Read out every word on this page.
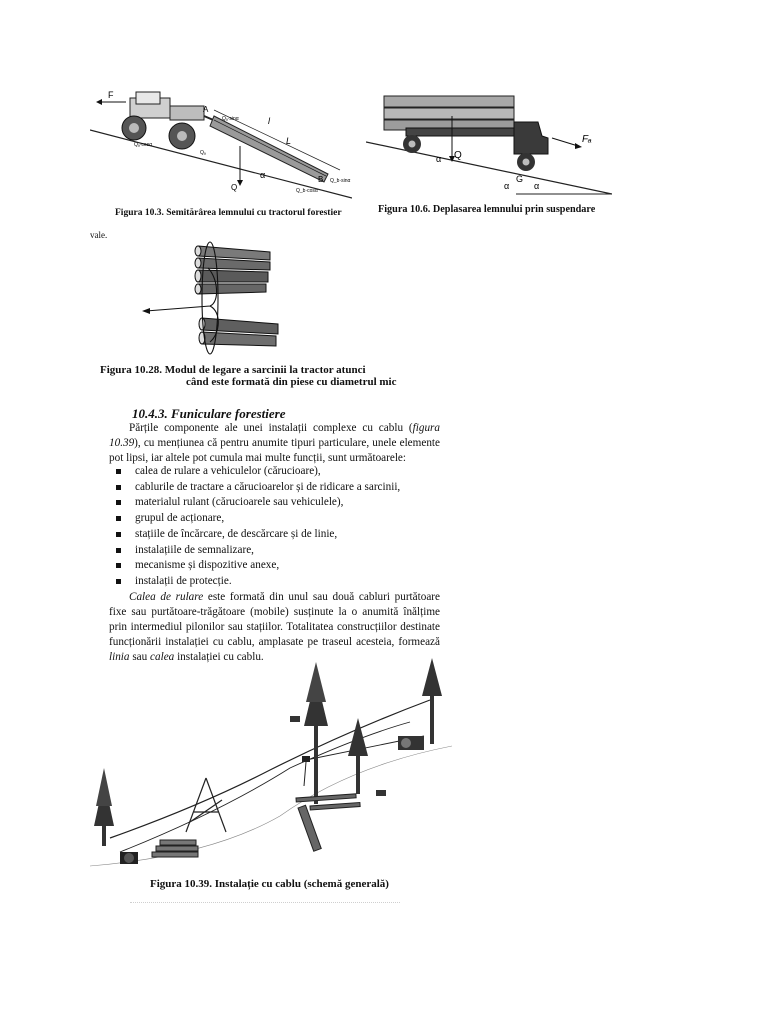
F
A
l
L
Q
α	B
Qₐ·sinα
Qₐ
Qₐ·cosα
Q_b·sinα
Q_b·cosα
Figura 10.3. Semitărârea lemnului cu tractorul forestier
Q
α
G
α	α
Fₐ
Figura 10.6. Deplasarea lemnului prin suspendare
vale.
Figura 10.28. Modul de legare a sarcinii la tractor atunci
când este formată din piese cu diametrul mic
10.4.3. Funiculare forestiere
Părțile componente ale unei instalații complexe cu cablu (figura 10.39), cu mențiunea că pentru anumite tipuri particulare, unele elemente pot lipsi, iar altele pot cumula mai multe funcții, sunt următoarele:
calea de rulare a vehiculelor (cărucioare),
cablurile de tractare a cărucioarelor și de ridicare a sarcinii,
materialul rulant (cărucioarele sau vehiculele),
grupul de acționare,
stațiile de încărcare, de descărcare și de linie,
instalațiile de semnalizare,
mecanisme și dispozitive anexe,
instalații de protecție.
Calea de rulare este formată din unul sau două cabluri purtătoare fixe sau purtătoare-trăgătoare (mobile) susținute la o anumită înălțime prin intermediul pilonilor sau stațiilor. Totalitatea construcțiilor destinate funcționării instalației cu cablu, amplasate pe traseul acesteia, formează linia sau calea instalației cu cablu.
Figura 10.39. Instalație cu cablu (schemă generală)
